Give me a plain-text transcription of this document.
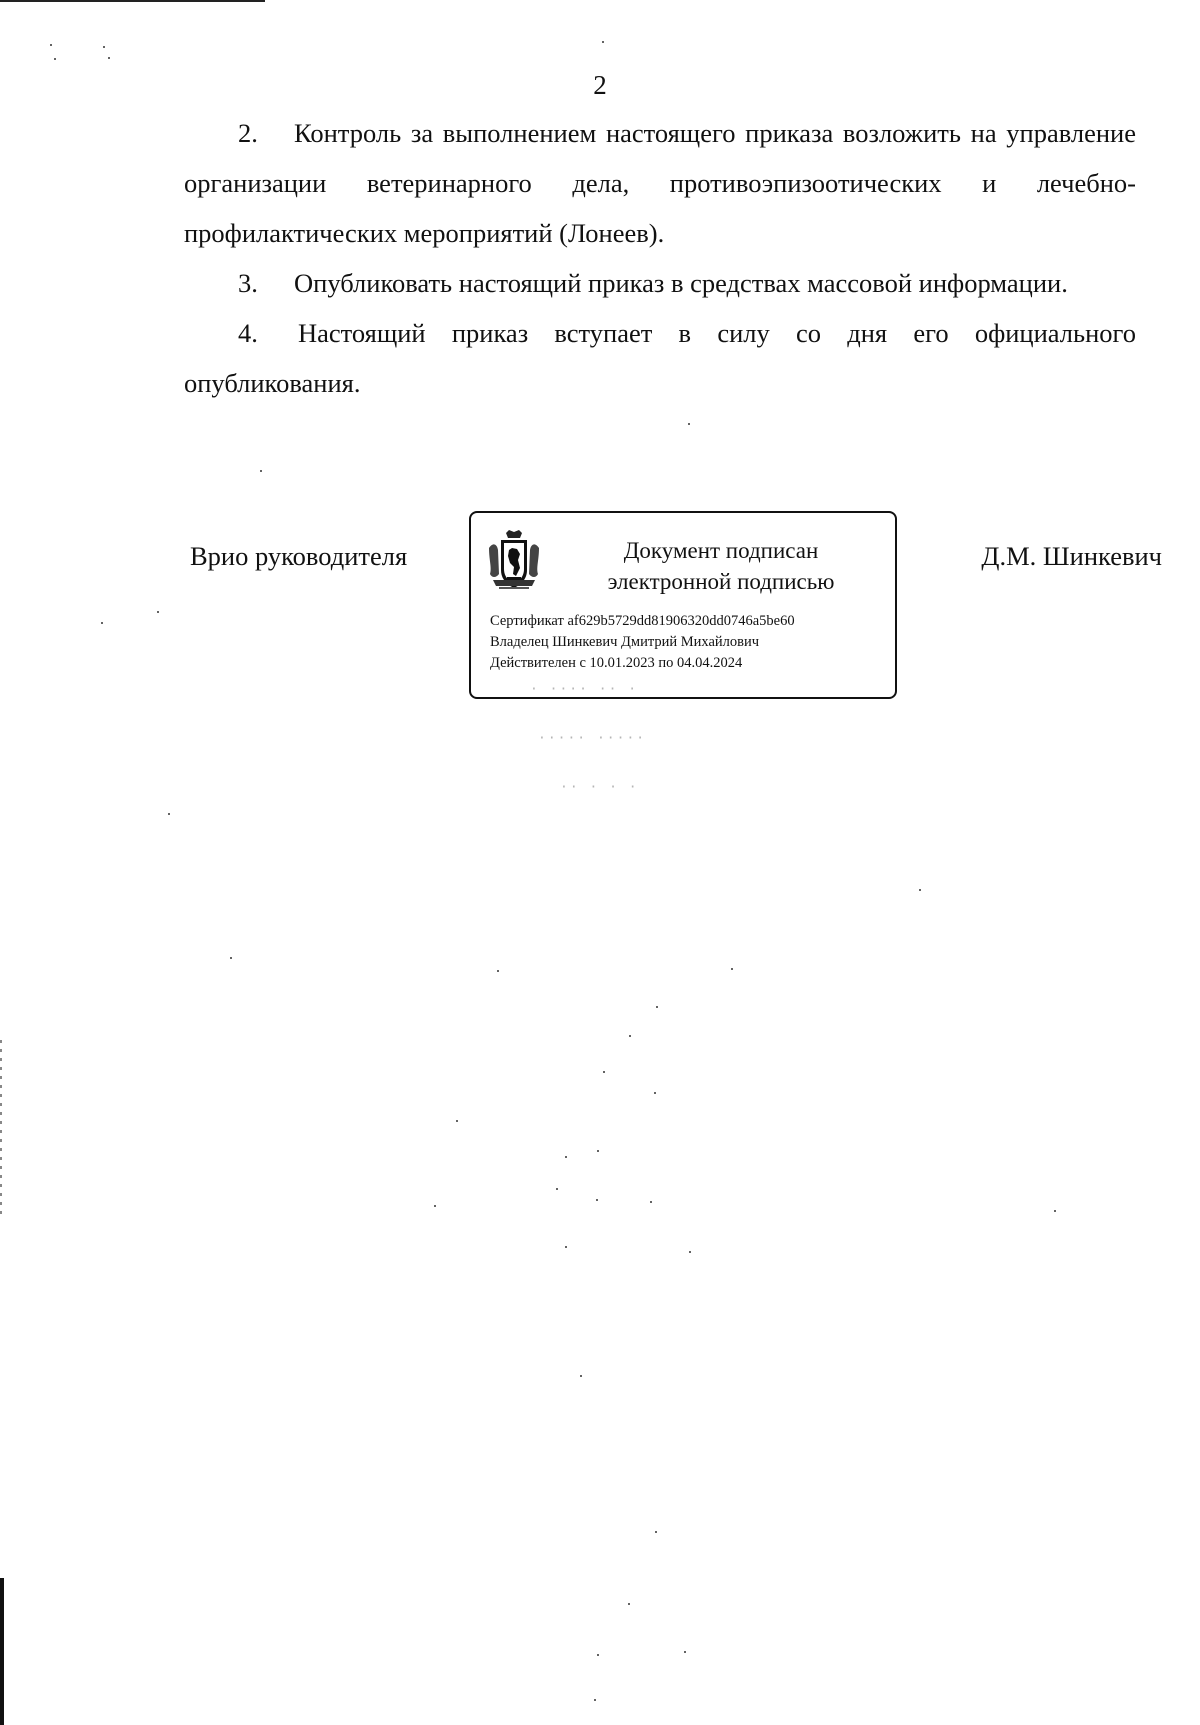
2

2. Контроль за выполнением настоящего приказа возложить на управление организации ветеринарного дела, противоэпизоотических и лечебно-профилактических мероприятий (Лонеев).

3. Опубликовать настоящий приказ в средствах массовой информации.

4. Настоящий приказ вступает в силу со дня его официального опубликования.

Врио руководителя	Документ подписан
электронной подписью
Сертификат af629b5729dd81906320dd0746a5be60
Владелец Шинкевич Дмитрий Михайлович
Действителен с 10.01.2023 по 04.04.2024
Д.М. Шинкевич
· ···· ·· ·
····· ·····
·· · · ·
